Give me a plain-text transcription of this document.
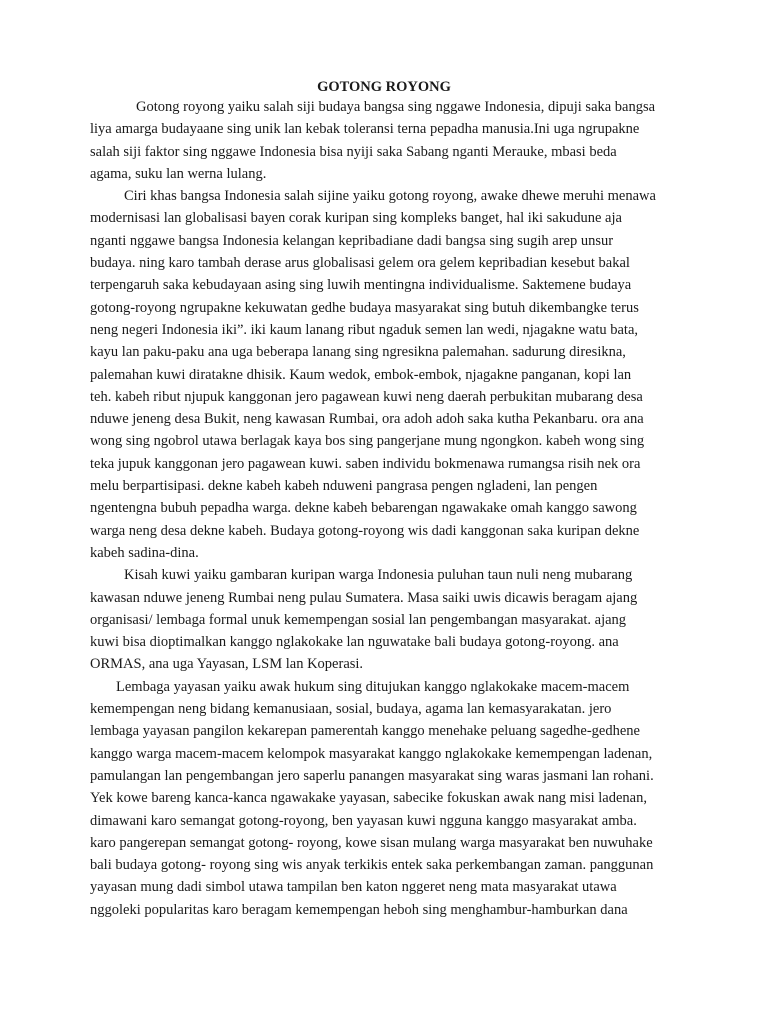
GOTONG ROYONG
Gotong royong yaiku salah siji budaya bangsa sing nggawe Indonesia, dipuji saka bangsa
liya amarga budayaane sing unik lan kebak toleransi terna pepadha manusia.Ini uga ngrupakne
salah siji faktor sing nggawe Indonesia bisa nyiji saka Sabang nganti Merauke, mbasi beda
agama, suku lan werna lulang.
Ciri khas bangsa Indonesia salah sijine yaiku gotong royong, awake dhewe meruhi menawa
modernisasi lan globalisasi bayen corak kuripan sing kompleks banget, hal iki sakudune aja
nganti nggawe bangsa Indonesia kelangan kepribadiane dadi bangsa sing sugih arep unsur
budaya. ning karo tambah derase arus globalisasi gelem ora gelem kepribadian kesebut bakal
terpengaruh saka kebudayaan asing sing luwih mentingna individualisme. Saktemene budaya
gotong-royong ngrupakne kekuwatan gedhe budaya masyarakat sing butuh dikembangke terus
neng negeri Indonesia iki”. iki kaum lanang ribut ngaduk semen lan wedi, njagakne watu bata,
kayu lan paku-paku ana uga beberapa lanang sing ngresikna palemahan. sadurung diresikna,
palemahan kuwi diratakne dhisik. Kaum wedok, embok-embok, njagakne panganan, kopi lan
teh. kabeh ribut njupuk kanggonan jero pagawean kuwi neng daerah perbukitan mubarang desa
nduwe jeneng desa Bukit, neng kawasan Rumbai, ora adoh adoh saka kutha Pekanbaru. ora ana
wong sing ngobrol utawa berlagak kaya bos sing pangerjane mung ngongkon. kabeh wong sing
teka jupuk kanggonan jero pagawean kuwi. saben individu bokmenawa rumangsa risih nek ora
melu berpartisipasi. dekne kabeh kabeh nduweni pangrasa pengen ngladeni, lan pengen
ngentengna bubuh pepadha warga. dekne kabeh bebarengan ngawakake omah kanggo sawong
warga neng desa dekne kabeh. Budaya gotong-royong wis dadi kanggonan saka kuripan dekne
kabeh sadina-dina.
Kisah kuwi yaiku gambaran kuripan warga Indonesia puluhan taun nuli neng mubarang
kawasan nduwe jeneng Rumbai neng pulau Sumatera. Masa saiki uwis dicawis beragam ajang
organisasi/ lembaga formal unuk kemempengan sosial lan pengembangan masyarakat. ajang
kuwi bisa dioptimalkan kanggo nglakokake lan nguwatake bali budaya gotong-royong. ana
ORMAS, ana uga Yayasan, LSM lan Koperasi.
Lembaga yayasan yaiku awak hukum sing ditujukan kanggo nglakokake macem-macem
kemempengan neng bidang kemanusiaan, sosial, budaya, agama lan kemasyarakatan. jero
lembaga yayasan pangilon kekarepan pamerentah kanggo menehake peluang sagedhe-gedhene
kanggo warga macem-macem kelompok masyarakat kanggo nglakokake kemempengan ladenan,
pamulangan lan pengembangan jero saperlu panangen masyarakat sing waras jasmani lan rohani.
Yek kowe bareng kanca-kanca ngawakake yayasan, sabecike fokuskan awak nang misi ladenan,
dimawani karo semangat gotong-royong, ben yayasan kuwi ngguna kanggo masyarakat amba.
karo pangerepan semangat gotong- royong, kowe sisan mulang warga masyarakat ben nuwuhake
bali budaya gotong- royong sing wis anyak terkikis entek saka perkembangan zaman. panggunan
yayasan mung dadi simbol utawa tampilan ben katon nggeret neng mata masyarakat utawa
nggoleki popularitas karo beragam kemempengan heboh sing menghambur-hamburkan dana
